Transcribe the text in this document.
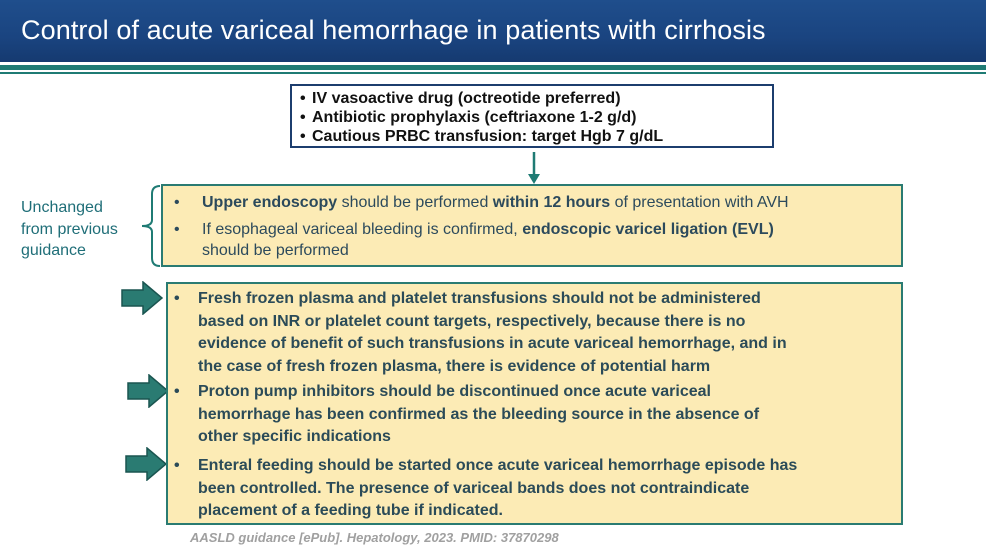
Control of acute variceal hemorrhage in patients with cirrhosis
• IV vasoactive drug (octreotide preferred)
• Antibiotic prophylaxis (ceftriaxone 1-2 g/d)
• Cautious PRBC transfusion: target Hgb 7 g/dL
Unchanged
from previous
guidance
• Upper endoscopy should be performed within 12 hours of presentation with AVH
• If esophageal variceal bleeding is confirmed, endoscopic varicel ligation (EVL)
should be performed
• Fresh frozen plasma and platelet transfusions should not be administered
based on INR or platelet count targets, respectively, because there is no
evidence of benefit of such transfusions in acute variceal hemorrhage, and in
the case of fresh frozen plasma, there is evidence of potential harm
• Proton pump inhibitors should be discontinued once acute variceal
hemorrhage has been confirmed as the bleeding source in the absence of
other specific indications
• Enteral feeding should be started once acute variceal hemorrhage episode has
been controlled. The presence of variceal bands does not contraindicate
placement of a feeding tube if indicated.
AASLD guidance [ePub]. Hepatology, 2023. PMID: 37870298
